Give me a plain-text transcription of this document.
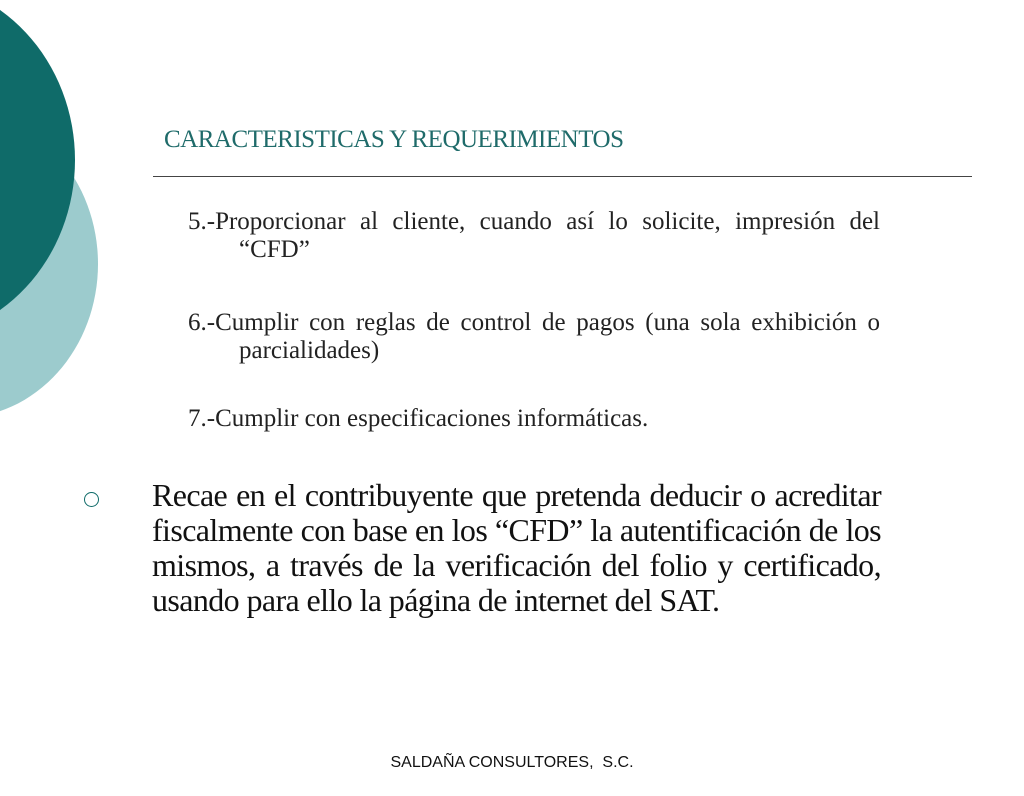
CARACTERISTICAS Y REQUERIMIENTOS
5.-Proporcionar al cliente, cuando así lo solicite, impresión del “CFD”
6.-Cumplir con reglas de control de pagos (una sola exhibición o parcialidades)
7.-Cumplir con especificaciones informáticas.

Recae en el contribuyente que pretenda deducir o acreditar fiscalmente con base en los “CFD” la autentificación de los mismos, a través de la verificación del folio y certificado, usando para ello la página de internet del SAT.

SALDAÑA CONSULTORES,  S.C.
